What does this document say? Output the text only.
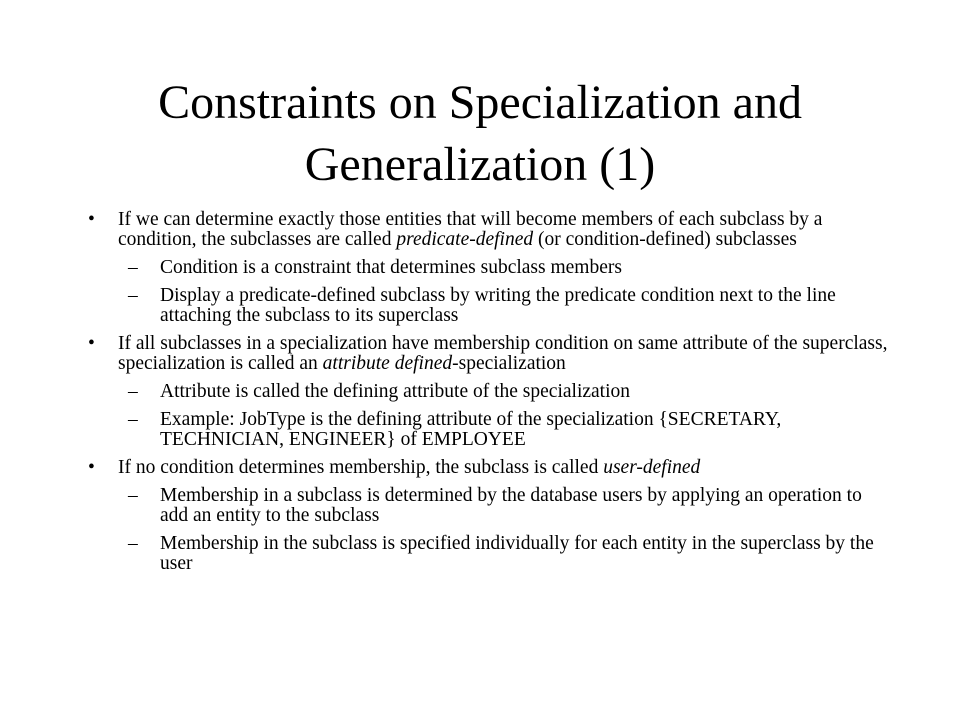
Constraints on Specialization and
Generalization (1)
• If we can determine exactly those entities that will become members of each subclass by a condition, the subclasses are called predicate-defined (or condition-defined) subclasses
– Condition is a constraint that determines subclass members
– Display a predicate-defined subclass by writing the predicate condition next to the line attaching the subclass to its superclass
• If all subclasses in a specialization have membership condition on same attribute of the superclass, specialization is called an attribute defined-specialization
– Attribute is called the defining attribute of the specialization
– Example: JobType is the defining attribute of the specialization {SECRETARY, TECHNICIAN, ENGINEER} of EMPLOYEE
• If no condition determines membership, the subclass is called user-defined
– Membership in a subclass is determined by the database users by applying an operation to add an entity to the subclass
– Membership in the subclass is specified individually for each entity in the superclass by the user
